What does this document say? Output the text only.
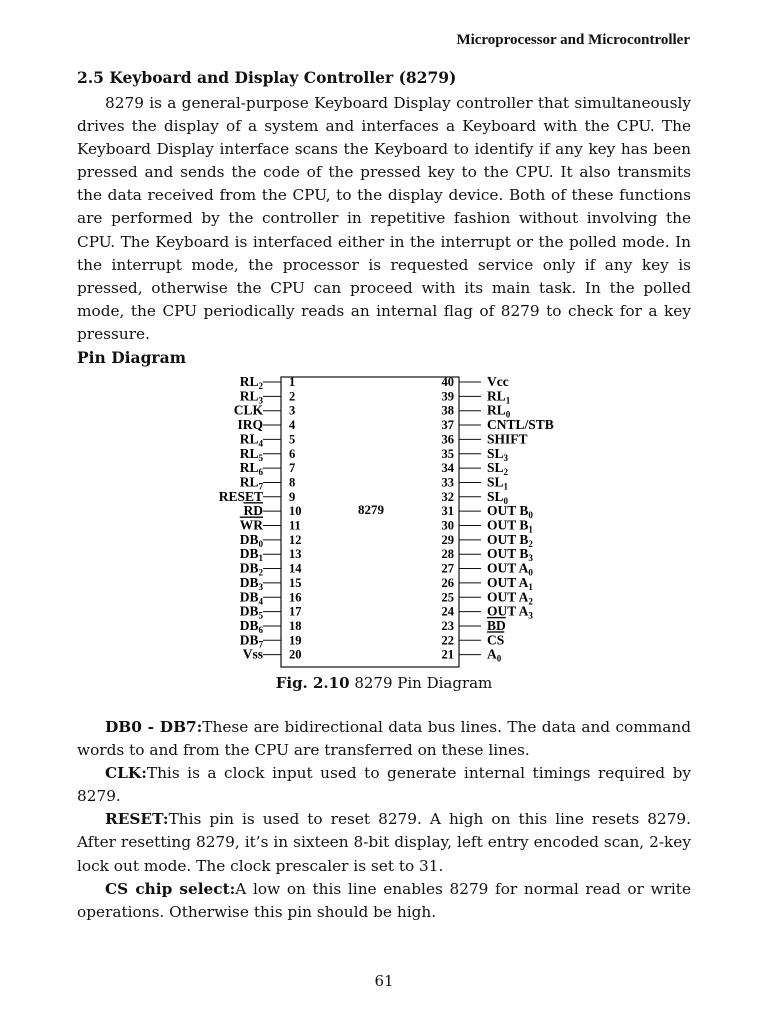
Microprocessor and Microcontroller
2.5 Keyboard and Display Controller (8279)
8279 is a general-purpose Keyboard Display controller that simultaneously drives the display of a system and interfaces a Keyboard with the CPU. The Keyboard Display interface scans the Keyboard to identify if any key has been pressed and sends the code of the pressed key to the CPU. It also transmits the data received from the CPU, to the display device. Both of these functions are performed by the controller in repetitive fashion without involving the CPU. The Keyboard is interfaced either in the interrupt or the polled mode. In the interrupt mode, the processor is requested service only if any key is pressed, otherwise the CPU can proceed with its main task. In the polled mode, the CPU periodically reads an internal flag of 8279 to check for a key pressure.
Pin Diagram
8279
$RL_2$ 1
$RL_3$ 2
CLK 3
IRQ 4
$RL_4$ 5
$RL_5$ 6
$RL_6$ 7
$RL_7$ 8
RESET 9
RD 10
WR 11
$DB_0$ 12
$DB_1$ 13
$DB_2$ 14
$DB_3$ 15
$DB_4$ 16
$DB_5$ 17
$DB_6$ 18
$DB_7$ 19
Vss 20
Vcc
40
$RL_1$
39
$RL_0$
38
CNTL/STB
37
SHIFT
36
$SL_3$
35
$SL_2$
34
$SL_1$
33
$SL_0$
32
OUT $B_0$
31
OUT $B_1$
30
OUT $B_2$
29
OUT $B_3$
28
OUT $A_0$
27
OUT $A_1$
26
OUT $A_2$
25
OUT $A_3$
24
BD
23
CS
22
$A_0$
21
Fig. 2.10 8279 Pin Diagram

DB0 - DB7:These are bidirectional data bus lines. The data and command words to and from the CPU are transferred on these lines.

CLK:This is a clock input used to generate internal timings required by 8279.

RESET:This pin is used to reset 8279. A high on this line resets 8279. After resetting 8279, it’s in sixteen 8-bit display, left entry encoded scan, 2-key lock out mode. The clock prescaler is set to 31.

CS chip select:A low on this line enables 8279 for normal read or write operations. Otherwise this pin should be high.

61
